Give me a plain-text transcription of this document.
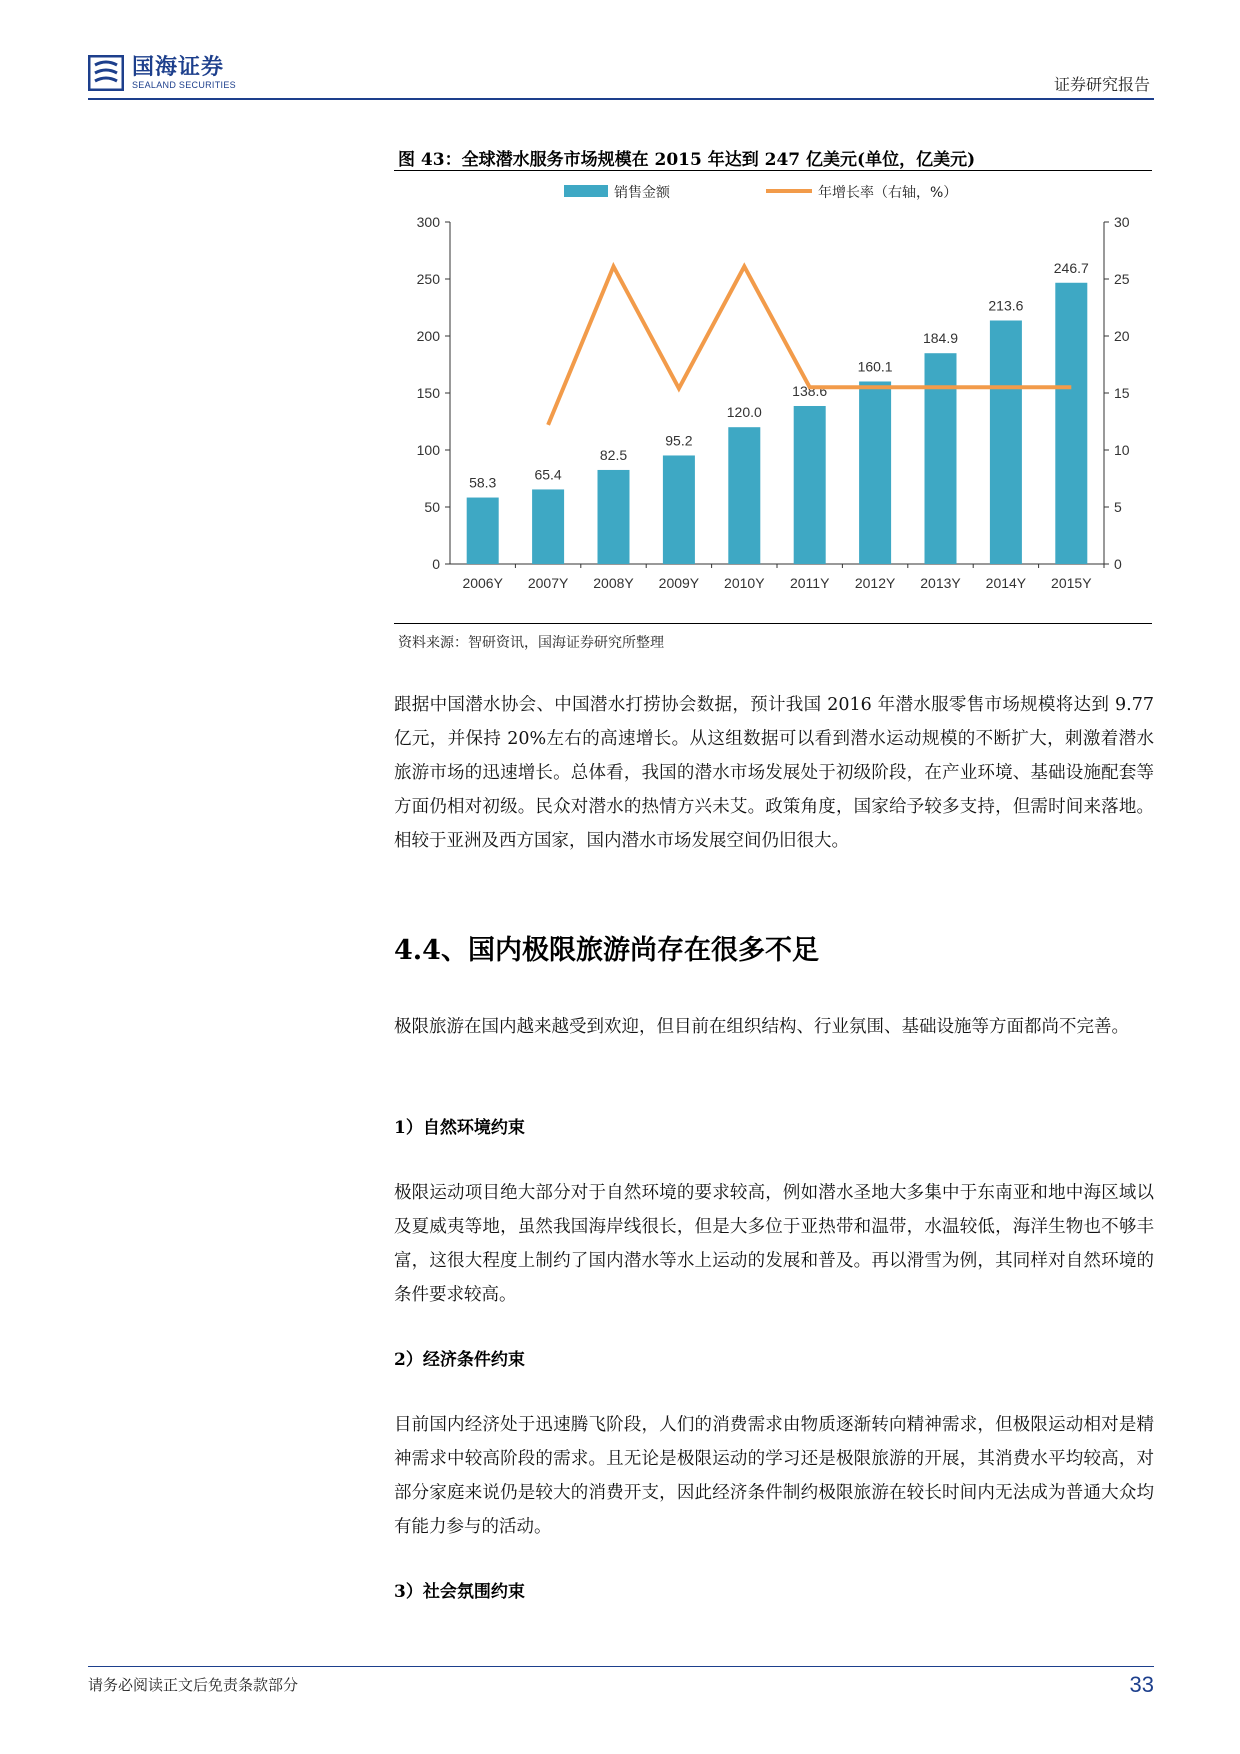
国海证券
SEALAND SECURITIES	证券研究报告
图 43：全球潜水服务市场规模在 2015 年达到 247 亿美元(单位，亿美元)
0
50
100
150
200
250
300
0
5
10
15
20
25
30
58.3
2006Y
65.4
2007Y
82.5
2008Y
95.2
2009Y
120.0
2010Y
138.6
2011Y
160.1
2012Y
184.9
2013Y
213.6
2014Y
246.7
2015Y
销售金额	年增长率（右轴，%）
资料来源：智研资讯，国海证券研究所整理
跟据中国潜水协会、中国潜水打捞协会数据，预计我国 2016 年潜水服零售市场规模将达到 9.77 亿元，并保持 20%左右的高速增长。从这组数据可以看到潜水运动规模的不断扩大，刺激着潜水旅游市场的迅速增长。总体看，我国的潜水市场发展处于初级阶段，在产业环境、基础设施配套等方面仍相对初级。民众对潜水的热情方兴未艾。政策角度，国家给予较多支持，但需时间来落地。相较于亚洲及西方国家，国内潜水市场发展空间仍旧很大。
4.4、国内极限旅游尚存在很多不足
极限旅游在国内越来越受到欢迎，但目前在组织结构、行业氛围、基础设施等方面都尚不完善。
1）自然环境约束
极限运动项目绝大部分对于自然环境的要求较高，例如潜水圣地大多集中于东南亚和地中海区域以及夏威夷等地，虽然我国海岸线很长，但是大多位于亚热带和温带，水温较低，海洋生物也不够丰富，这很大程度上制约了国内潜水等水上运动的发展和普及。再以滑雪为例，其同样对自然环境的条件要求较高。
2）经济条件约束
目前国内经济处于迅速腾飞阶段，人们的消费需求由物质逐渐转向精神需求，但极限运动相对是精神需求中较高阶段的需求。且无论是极限运动的学习还是极限旅游的开展，其消费水平均较高，对部分家庭来说仍是较大的消费开支，因此经济条件制约极限旅游在较长时间内无法成为普通大众均有能力参与的活动。
3）社会氛围约束
请务必阅读正文后免责条款部分	33
